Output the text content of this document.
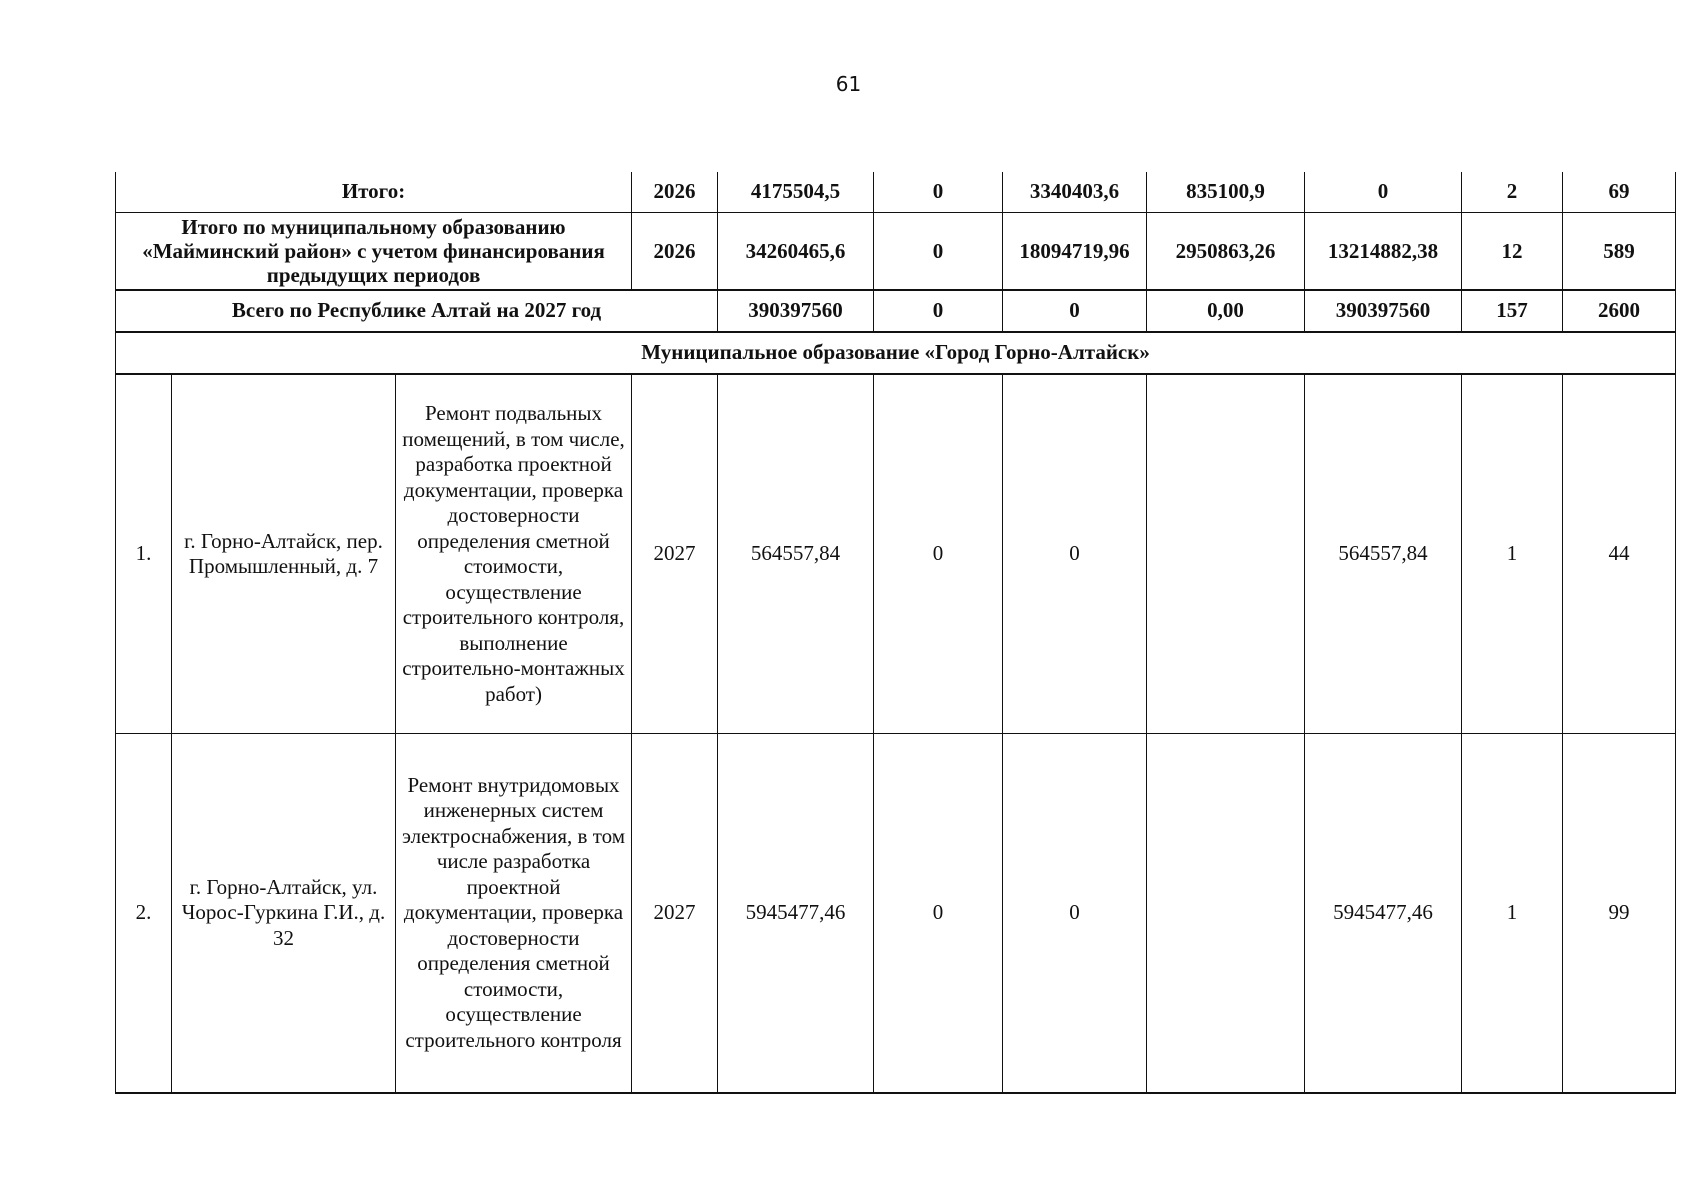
61
Итого:			2026	4175504,5	0	3340403,6	835100,9	0	2	69
Итого по муниципальному образованию «Майминский район» с учетом финансирования предыдущих периодов			2026	34260465,6	0	18094719,96	2950863,26	13214882,38	12	589
Всего по Республике Алтай на 2027 год				390397560	0	0	0,00	390397560	157	2600
Муниципальное образование «Город Горно-Алтайск»										
1.	г. Горно-Алтайск, пер. Промышленный, д. 7	Ремонт подвальных помещений, в том числе, разработка проектной документации, проверка достоверности определения сметной стоимости, осуществление строительного контроля, выполнение строительно-монтажных работ)	2027	564557,84	0	0		564557,84	1	44
2.	г. Горно-Алтайск, ул. Чорос-Гуркина Г.И., д. 32	Ремонт внутридомовых инженерных систем электроснабжения, в том числе разработка проектной документации, проверка достоверности определения сметной стоимости, осуществление строительного контроля	2027	5945477,46	0	0		5945477,46	1	99
